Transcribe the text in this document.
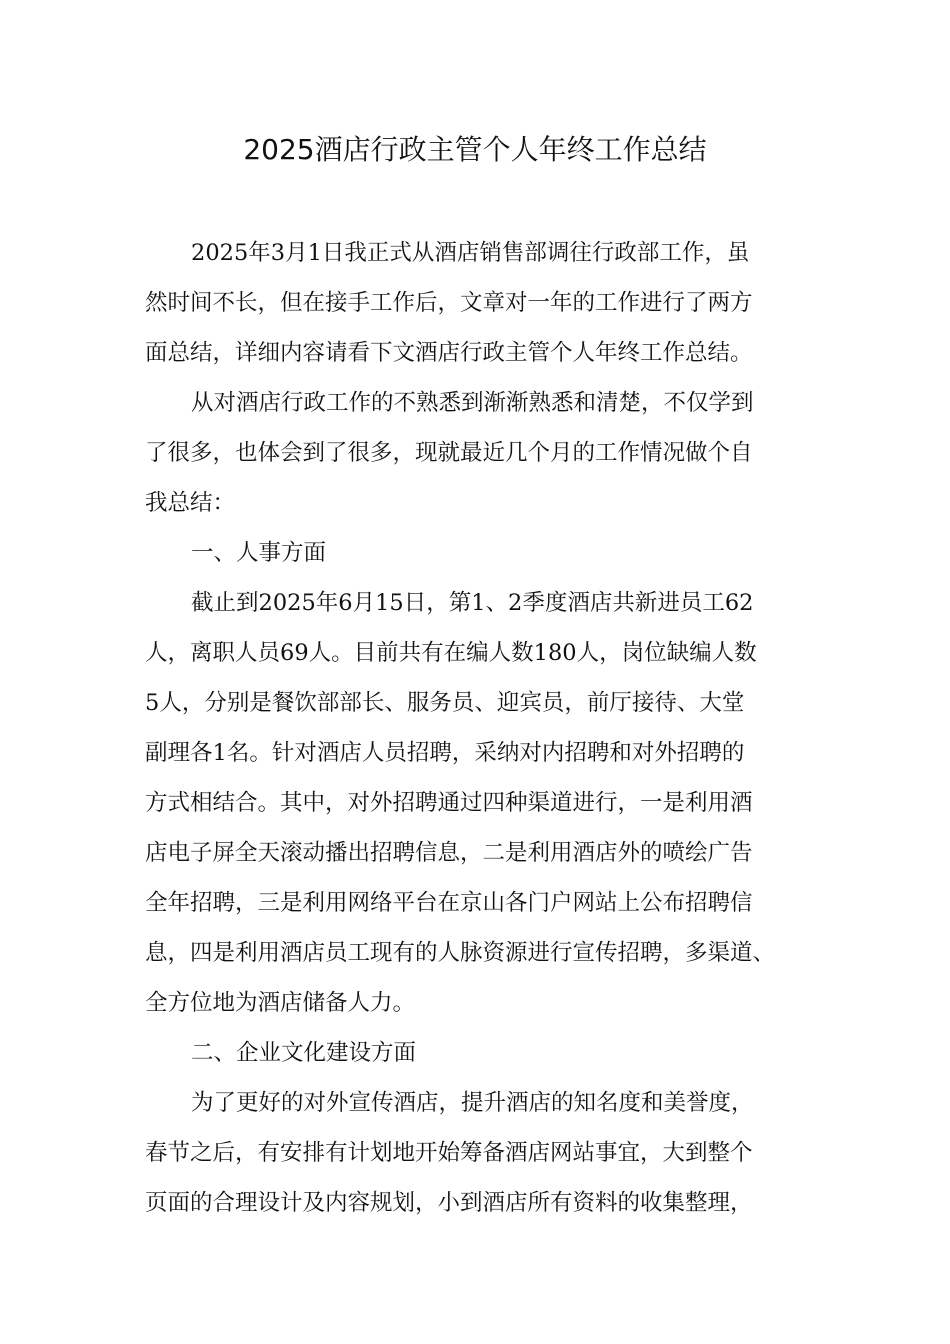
2025酒店行政主管个人年终工作总结
2025年3月1日我正式从酒店销售部调往行政部工作，虽
然时间不长，但在接手工作后，文章对一年的工作进行了两方
面总结，详细内容请看下文酒店行政主管个人年终工作总结。
从对酒店行政工作的不熟悉到渐渐熟悉和清楚，不仅学到
了很多，也体会到了很多，现就最近几个月的工作情况做个自
我总结：
一、人事方面
截止到2025年6月15日，第1、2季度酒店共新进员工62
人，离职人员69人。目前共有在编人数180人，岗位缺编人数
5人，分别是餐饮部部长、服务员、迎宾员，前厅接待、大堂
副理各1名。针对酒店人员招聘，采纳对内招聘和对外招聘的
方式相结合。其中，对外招聘通过四种渠道进行，一是利用酒
店电子屏全天滚动播出招聘信息，二是利用酒店外的喷绘广告
全年招聘，三是利用网络平台在京山各门户网站上公布招聘信
息，四是利用酒店员工现有的人脉资源进行宣传招聘，多渠道、
全方位地为酒店储备人力。
二、企业文化建设方面
为了更好的对外宣传酒店，提升酒店的知名度和美誉度，
春节之后，有安排有计划地开始筹备酒店网站事宜，大到整个
页面的合理设计及内容规划，小到酒店所有资料的收集整理，
